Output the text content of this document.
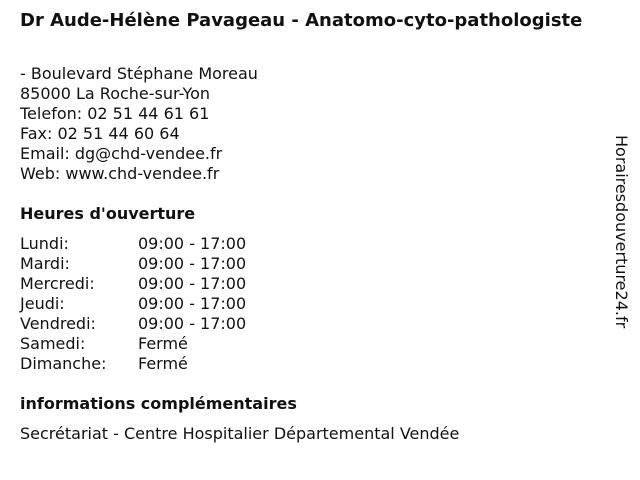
Dr Aude-Hélène Pavageau - Anatomo-cyto-pathologiste
- Boulevard Stéphane Moreau
85000 La Roche-sur-Yon
Telefon: 02 51 44 61 61
Fax: 02 51 44 60 64
Email: dg@chd-vendee.fr
Web: www.chd-vendee.fr
Heures d'ouverture
Lundi:	09:00 - 17:00
Mardi:	09:00 - 17:00
Mercredi:	09:00 - 17:00
Jeudi:	09:00 - 17:00
Vendredi:	09:00 - 17:00
Samedi:	Fermé
Dimanche:	Fermé
informations complémentaires
Secrétariat - Centre Hospitalier Départemental Vendée
Horairesdouverture24.fr
